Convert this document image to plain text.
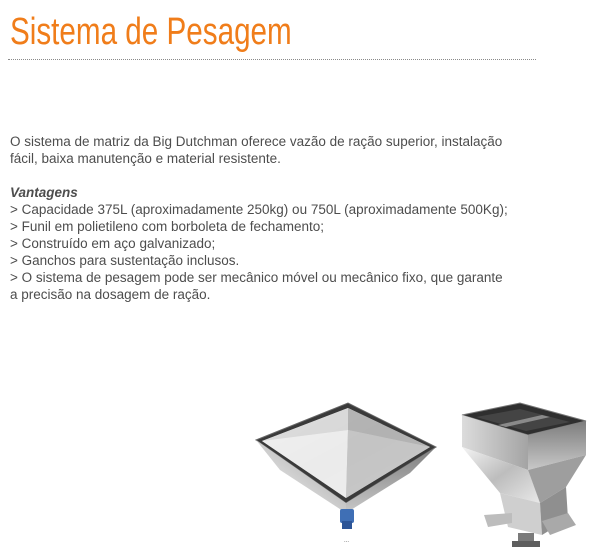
Sistema de Pesagem

O sistema de matriz da Big Dutchman oferece vazão de ração superior, instalação fácil, baixa manutenção e material resistente.

Vantagens

> Capacidade 375L (aproximadamente 250kg) ou 750L (aproximadamente 500Kg);
> Funil em polietileno com borboleta de fechamento;
> Construído em aço galvanizado;
> Ganchos para sustentação inclusos.
> O sistema de pesagem pode ser mecânico móvel ou mecânico fixo, que garante a precisão na dosagem de ração.
...
